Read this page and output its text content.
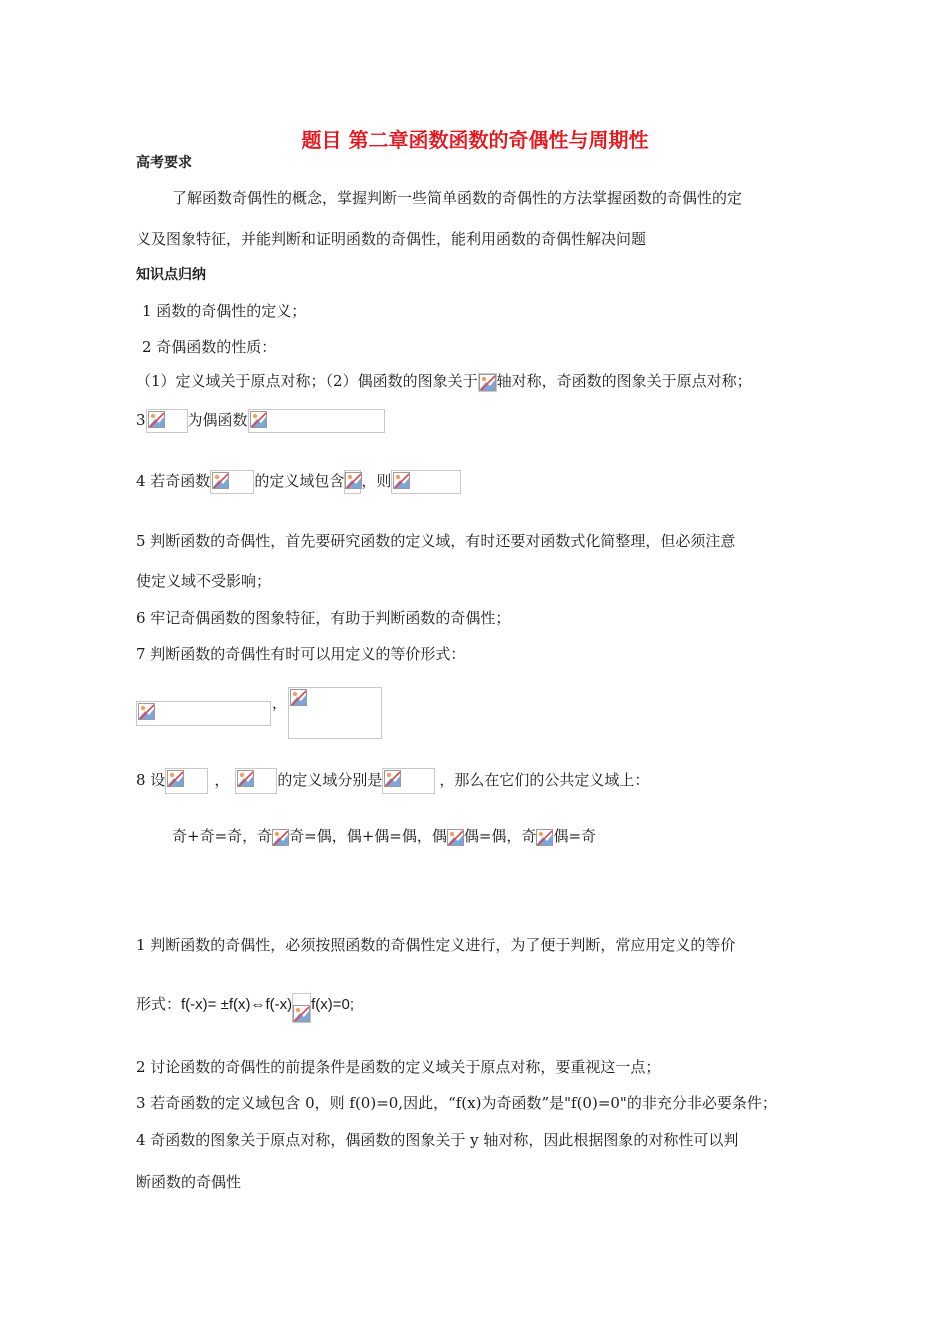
题目 第二章函数函数的奇偶性与周期性
高考要求
了解函数奇偶性的概念，掌握判断一些简单函数的奇偶性的方法掌握函数的奇偶性的定
义及图象特征，并能判断和证明函数的奇偶性，能利用函数的奇偶性解决问题
知识点归纳
1 函数的奇偶性的定义；
2 奇偶函数的性质：
（1）定义域关于原点对称；（2）偶函数的图象关于 轴对称，奇函数的图象关于原点对称；
3	为偶函数
4 若奇函数	的定义域包含 ，则
5 判断函数的奇偶性，首先要研究函数的定义域，有时还要对函数式化简整理，但必须注意
使定义域不受影响；
6 牢记奇偶函数的图象特征，有助于判断函数的奇偶性；
7 判断函数的奇偶性有时可以用定义的等价形式：
，
8 设	，	的定义域分别是	，那么在它们的公共定义域上：
奇+奇=奇，奇 奇=偶，偶+偶=偶，偶 偶=偶，奇 偶=奇
1 判断函数的奇偶性，必须按照函数的奇偶性定义进行，为了便于判断，常应用定义的等价
形式：f(-x)= ±f(x)⇔f(-x) f(x)=0;
2 讨论函数的奇偶性的前提条件是函数的定义域关于原点对称，要重视这一点；
3 若奇函数的定义域包含 0，则 f(0)=0,因此，“f(x)为奇函数”是"f(0)=0"的非充分非必要条件；
4 奇函数的图象关于原点对称，偶函数的图象关于 y 轴对称，因此根据图象的对称性可以判
断函数的奇偶性
